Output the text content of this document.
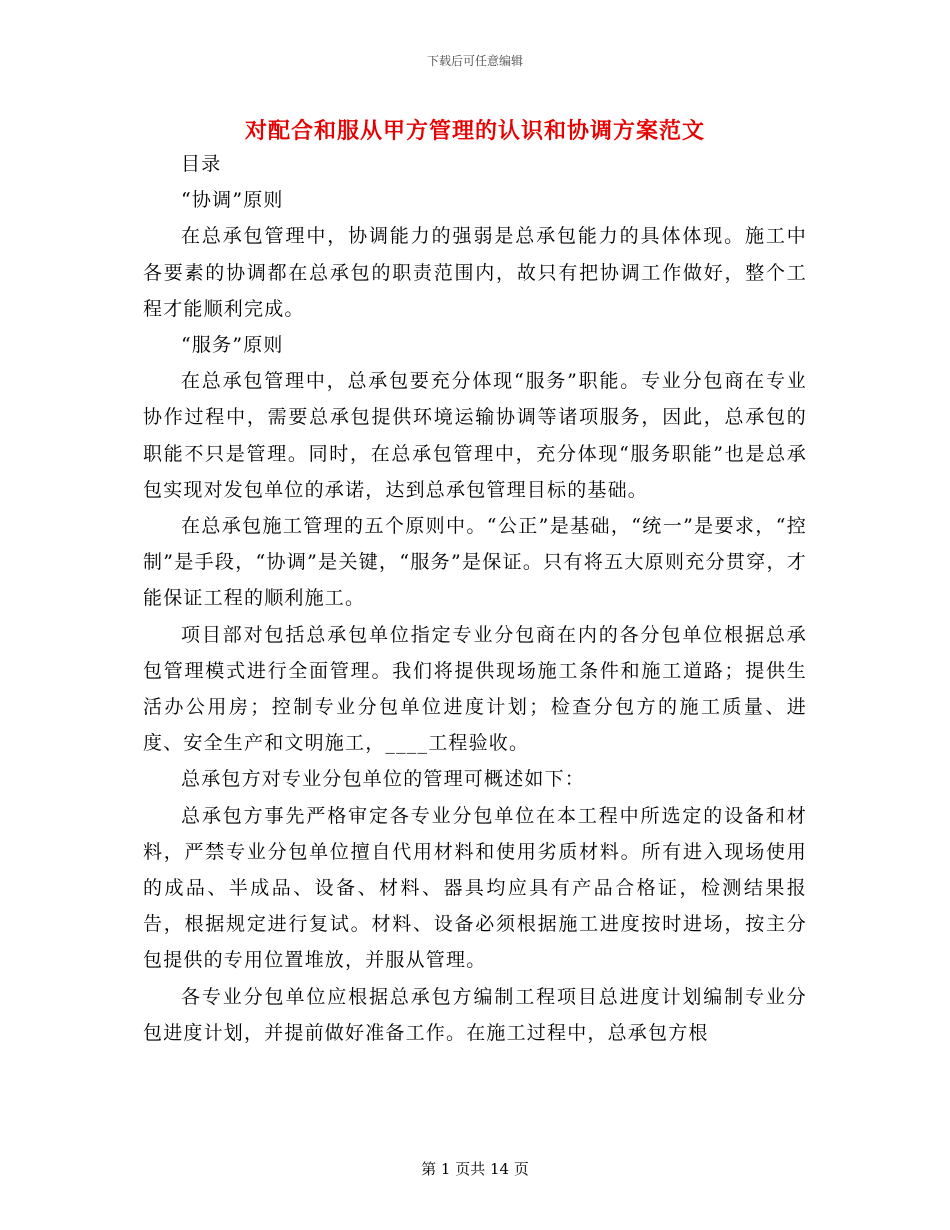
下载后可任意编辑
对配合和服从甲方管理的认识和协调方案范文

目录

“协调”原则

在总承包管理中，协调能力的强弱是总承包能力的具体体现。施工中各要素的协调都在总承包的职责范围内，故只有把协调工作做好，整个工程才能顺利完成。

“服务”原则

在总承包管理中，总承包要充分体现“服务”职能。专业分包商在专业协作过程中，需要总承包提供环境运输协调等诸项服务，因此，总承包的职能不只是管理。同时，在总承包管理中，充分体现“服务职能”也是总承包实现对发包单位的承诺，达到总承包管理目标的基础。

在总承包施工管理的五个原则中。“公正”是基础，“统一”是要求，“控制”是手段，“协调”是关键，“服务”是保证。只有将五大原则充分贯穿，才能保证工程的顺利施工。

项目部对包括总承包单位指定专业分包商在内的各分包单位根据总承包管理模式进行全面管理。我们将提供现场施工条件和施工道路；提供生活办公用房；控制专业分包单位进度计划；检查分包方的施工质量、进度、安全生产和文明施工，____工程验收。

总承包方对专业分包单位的管理可概述如下：

总承包方事先严格审定各专业分包单位在本工程中所选定的设备和材料，严禁专业分包单位擅自代用材料和使用劣质材料。所有进入现场使用的成品、半成品、设备、材料、器具均应具有产品合格证，检测结果报告，根据规定进行复试。材料、设备必须根据施工进度按时进场，按主分包提供的专用位置堆放，并服从管理。

各专业分包单位应根据总承包方编制工程项目总进度计划编制专业分包进度计划，并提前做好准备工作。在施工过程中，总承包方根

第 1 页共 14 页
